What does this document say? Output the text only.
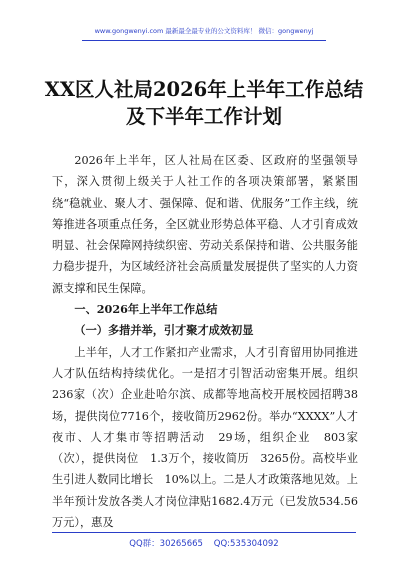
www.gongwenyi.com 最新最全最专业的公文资料库！ 微信：gongwenyj
XX区人社局2026年上半年工作总结及下半年工作计划

2026年上半年，区人社局在区委、区政府的坚强领导下，深入贯彻上级关于人社工作的各项决策部署，紧紧围绕“稳就业、聚人才、强保障、促和谐、优服务”工作主线，统筹推进各项重点任务，全区就业形势总体平稳、人才引育成效明显、社会保障网持续织密、劳动关系保持和谐、公共服务能力稳步提升，为区域经济社会高质量发展提供了坚实的人力资源支撑和民生保障。

一、2026年上半年工作总结

（一）多措并举，引才聚才成效初显

上半年，人才工作紧扣产业需求，人才引育留用协同推进人才队伍结构持续优化。一是招才引智活动密集开展。组织236家（次）企业赴哈尔滨、成都等地高校开展校园招聘38场，提供岗位7716个，接收简历2962份。举办“XXXX”人才夜市、人才集市等招聘活动　29场，组织企业　803家（次），提供岗位　1.3万个，接收简历　3265份。高校毕业生引进人数同比增长　10%以上。二是人才政策落地见效。上半年预计发放各类人才岗位津贴1682.4万元（已发放534.56万元），惠及

QQ群：30265665 QQ:535304092
